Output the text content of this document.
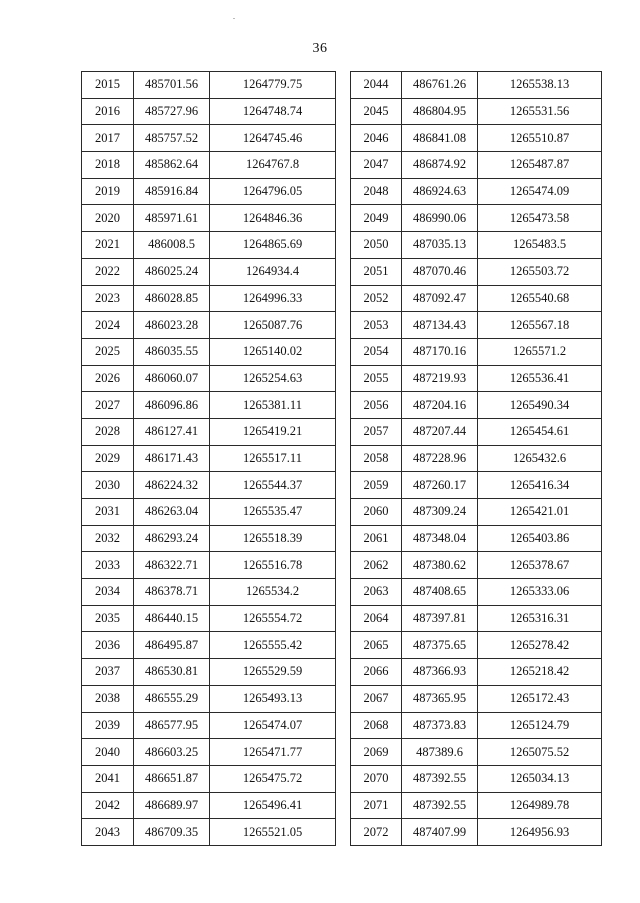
36
2015	485701.56	1264779.75
2016	485727.96	1264748.74
2017	485757.52	1264745.46
2018	485862.64	1264767.8
2019	485916.84	1264796.05
2020	485971.61	1264846.36
2021	486008.5	1264865.69
2022	486025.24	1264934.4
2023	486028.85	1264996.33
2024	486023.28	1265087.76
2025	486035.55	1265140.02
2026	486060.07	1265254.63
2027	486096.86	1265381.11
2028	486127.41	1265419.21
2029	486171.43	1265517.11
2030	486224.32	1265544.37
2031	486263.04	1265535.47
2032	486293.24	1265518.39
2033	486322.71	1265516.78
2034	486378.71	1265534.2
2035	486440.15	1265554.72
2036	486495.87	1265555.42
2037	486530.81	1265529.59
2038	486555.29	1265493.13
2039	486577.95	1265474.07
2040	486603.25	1265471.77
2041	486651.87	1265475.72
2042	486689.97	1265496.41
2043	486709.35	1265521.05
2044	486761.26	1265538.13
2045	486804.95	1265531.56
2046	486841.08	1265510.87
2047	486874.92	1265487.87
2048	486924.63	1265474.09
2049	486990.06	1265473.58
2050	487035.13	1265483.5
2051	487070.46	1265503.72
2052	487092.47	1265540.68
2053	487134.43	1265567.18
2054	487170.16	1265571.2
2055	487219.93	1265536.41
2056	487204.16	1265490.34
2057	487207.44	1265454.61
2058	487228.96	1265432.6
2059	487260.17	1265416.34
2060	487309.24	1265421.01
2061	487348.04	1265403.86
2062	487380.62	1265378.67
2063	487408.65	1265333.06
2064	487397.81	1265316.31
2065	487375.65	1265278.42
2066	487366.93	1265218.42
2067	487365.95	1265172.43
2068	487373.83	1265124.79
2069	487389.6	1265075.52
2070	487392.55	1265034.13
2071	487392.55	1264989.78
2072	487407.99	1264956.93
